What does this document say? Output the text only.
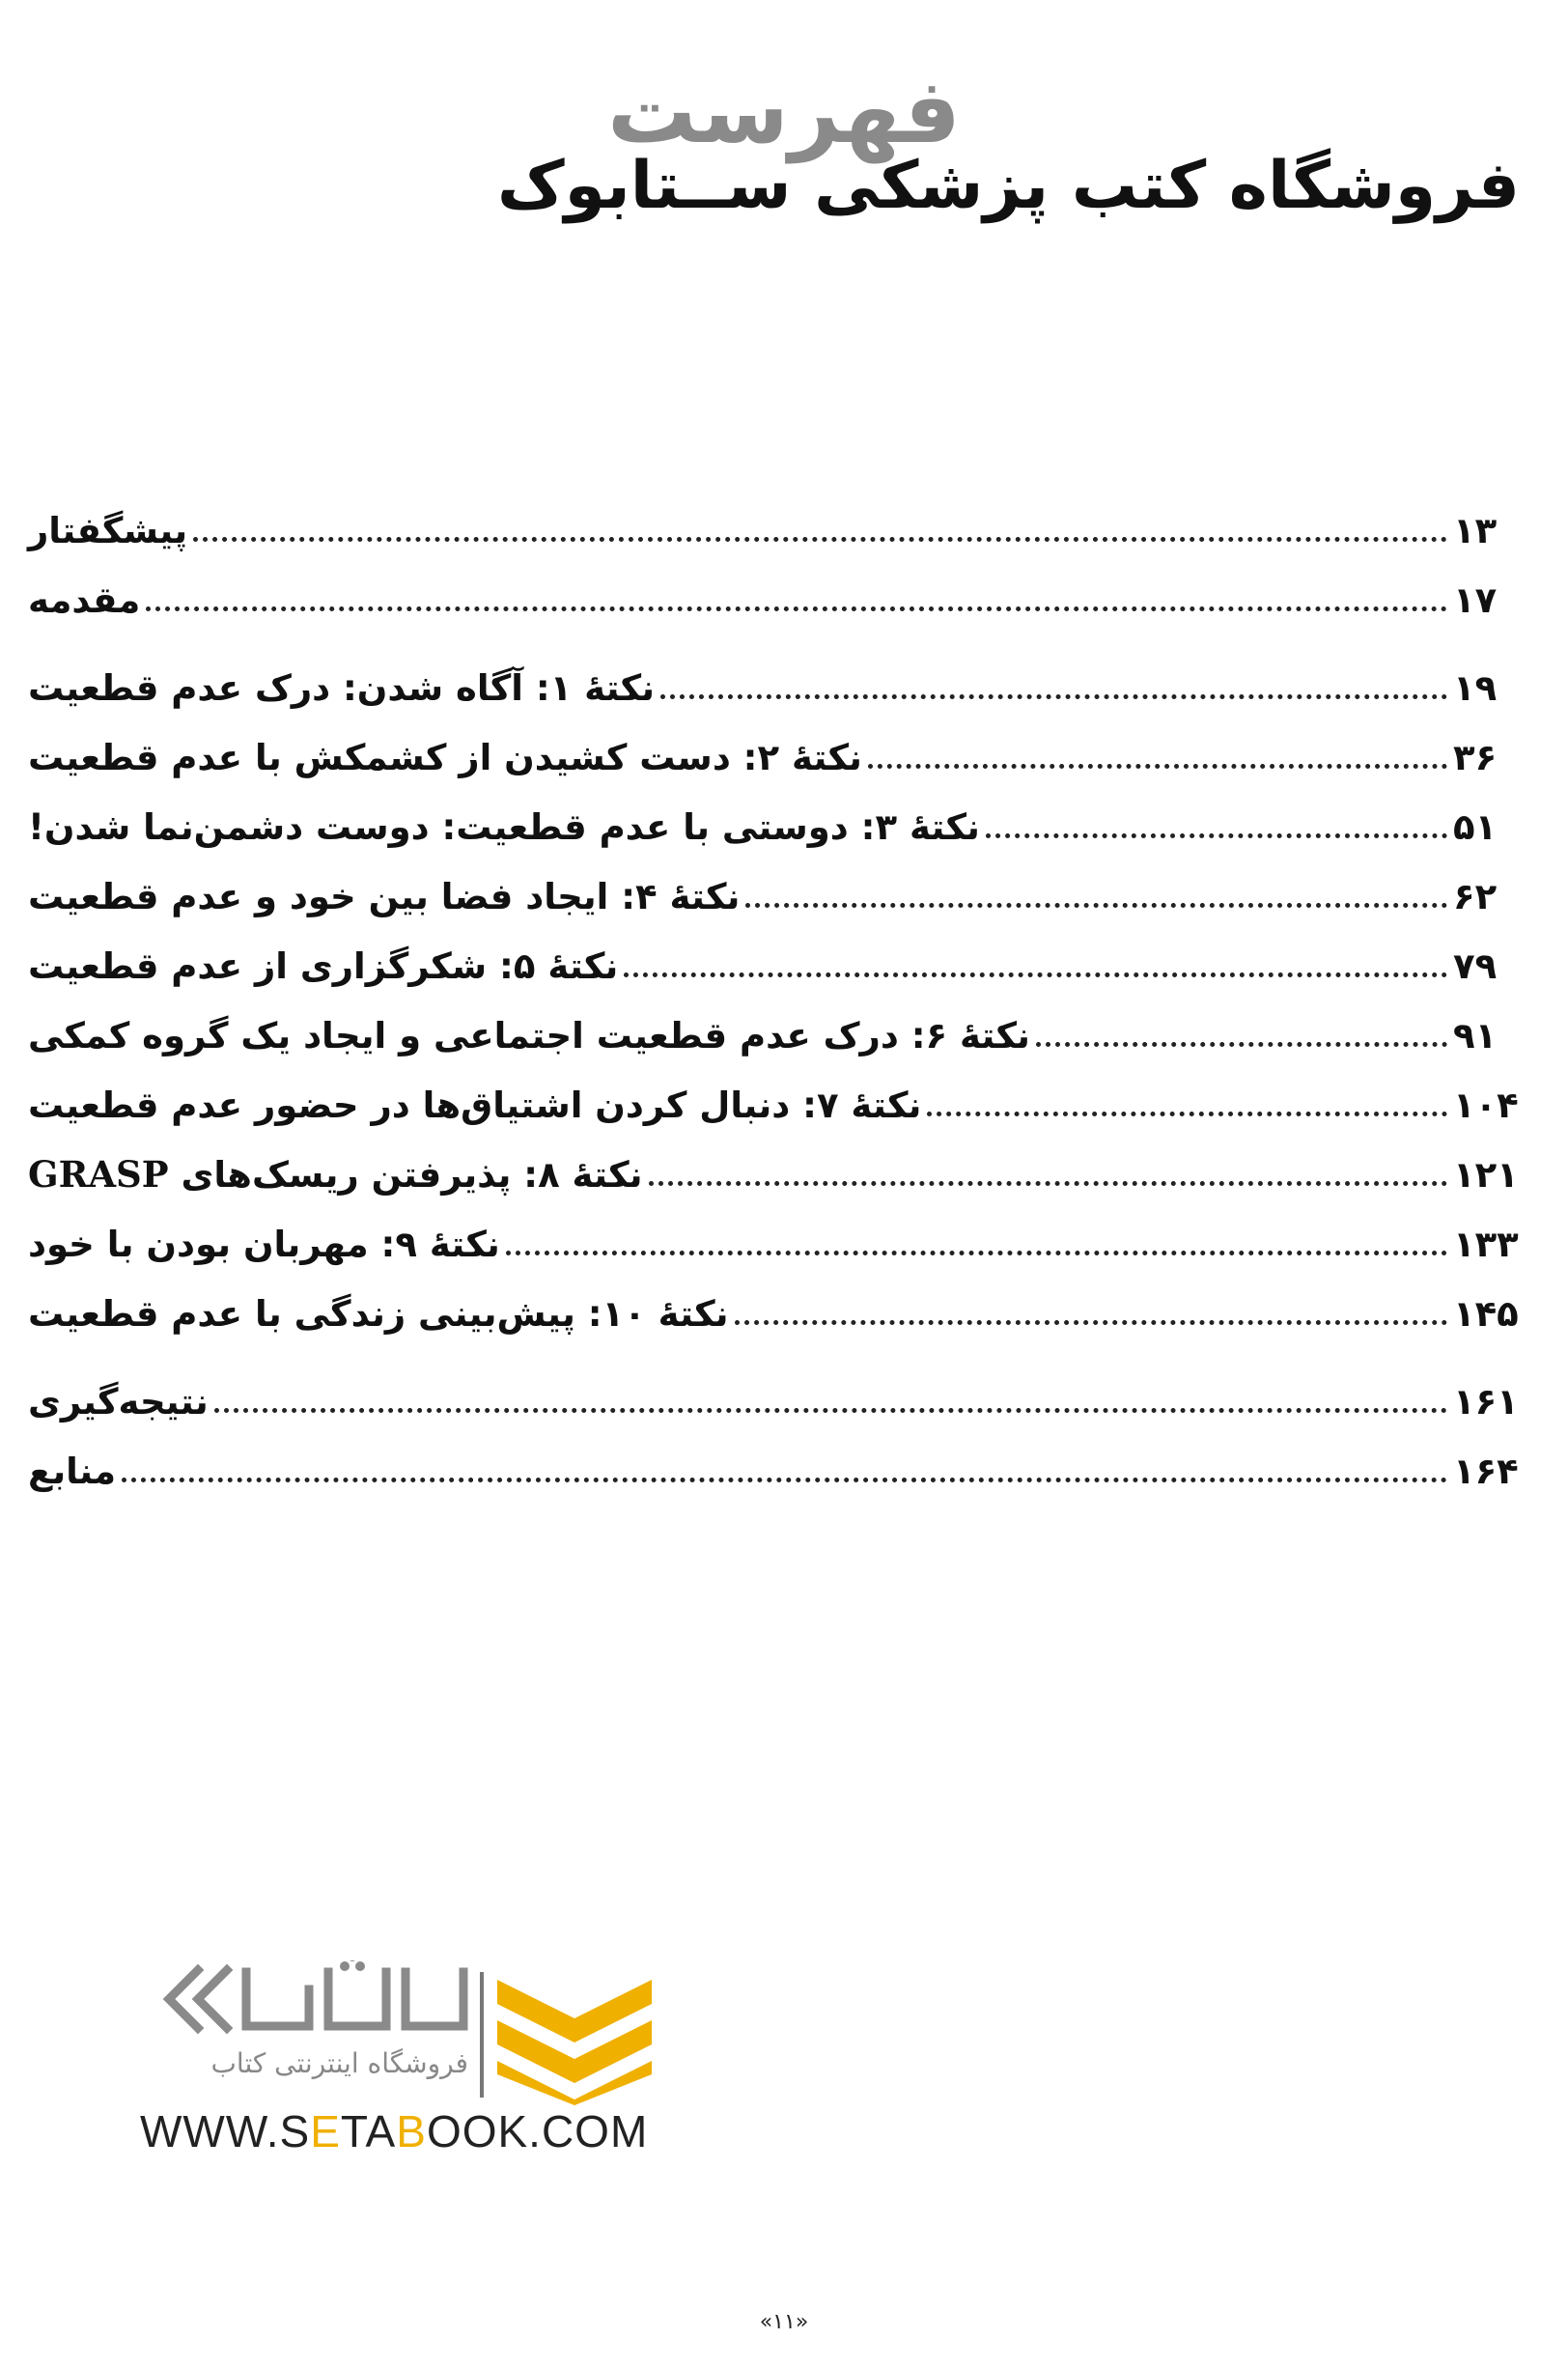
فهرست
فروشگاه کتب پزشکی ســتابوک
پیشگفتار	۱۳
مقدمه	۱۷
نکتۀ ۱: آگاه شدن: درک عدم قطعیت	۱۹
نکتۀ ۲: دست کشیدن از کشمکش با عدم قطعیت	۳۶
نکتۀ ۳: دوستی با عدم قطعیت: دوست دشمن‌نما شدن!	۵۱
نکتۀ ۴: ایجاد فضا بین خود و عدم قطعیت	۶۲
نکتۀ ۵: شکرگزاری از عدم قطعیت	۷۹
نکتۀ ۶: درک عدم قطعیت اجتماعی و ایجاد یک گروه کمکی	۹۱
نکتۀ ۷: دنبال کردن اشتیاق‌ها در حضور عدم قطعیت	۱۰۴
نکتۀ ۸: پذیرفتن ریسک‌های GRASP	۱۲۱
نکتۀ ۹: مهربان بودن با خود	۱۳۳
نکتۀ ۱۰: پیش‌بینی زندگی با عدم قطعیت	۱۴۵
نتیجه‌گیری	۱۶۱
منابع	۱۶۴
فروشگاه اینترنتی کتاب
WWW.SETABOOK.COM
«۱۱»
